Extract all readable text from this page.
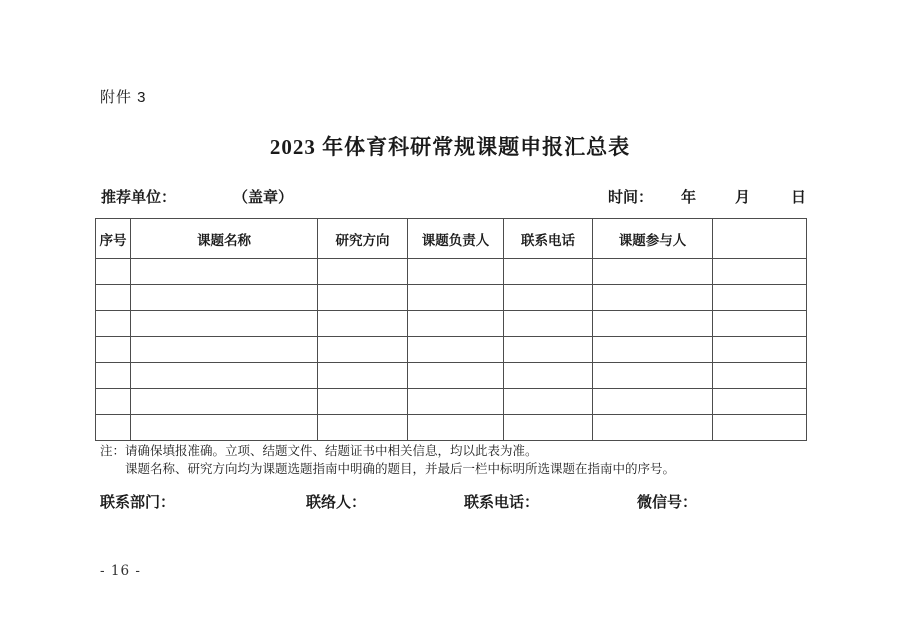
附件 3
2023 年体育科研常规课题申报汇总表
推荐单位：	（盖章）	时间： 年	月	日
序号	课题名称	研究方向	课题负责人	联系电话	课题参与人	

注：请确保填报准确。立项、结题文件、结题证书中相关信息，均以此表为准。
课题名称、研究方向均为课题选题指南中明确的题目，并最后一栏中标明所选课题在指南中的序号。
联系部门：	联络人：	联系电话：	微信号：
- 16 -
